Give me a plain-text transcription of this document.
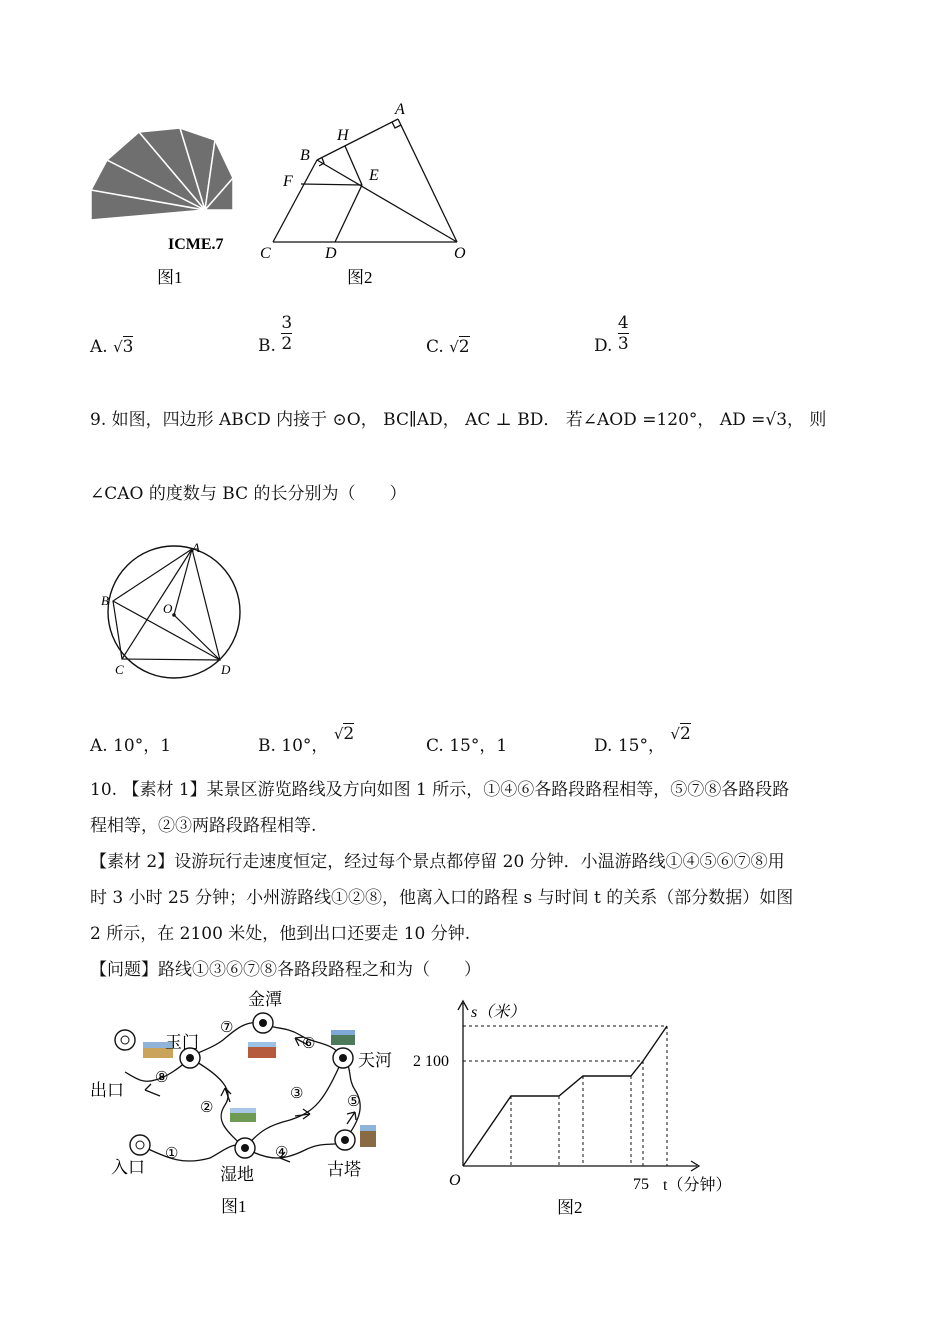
ICME.7
图1
A
H
B
E
F
C	D	O
图2
A. √3	B. $\frac{3}{2}$	C. √2	D. $\frac{4}{3}$
9. 如图，四边形 ABCD 内接于 ⊙O， BC∥AD， AC ⊥ BD． 若∠AOD =120°， AD =√3， 则
∠CAO 的度数与 BC 的长分别为（　　）
A
B
O
C	D
A. 10°，1	B. 10°， √2
C. 15°，1	D. 15°， √2
10. 【素材 1】某景区游览路线及方向如图 1 所示，①④⑥各路段路程相等，⑤⑦⑧各路段路
程相等，②③两路段路程相等.
【素材 2】设游玩行走速度恒定，经过每个景点都停留 20 分钟．小温游路线①④⑤⑥⑦⑧用
时 3 小时 25 分钟；小州游路线①②⑧，他离入口的路程 s 与时间 t 的关系（部分数据）如图
2 所示，在 2100 米处，他到出口还要走 10 分钟.
【问题】路线①③⑥⑦⑧各路段路程之和为（　　）
金潭
玉门
天河
出口
湿地	古塔
入口
①
②
③
④
⑤
⑥
⑦
⑧
图1
s（米）
t（分钟）
O
2 100
75
图2
